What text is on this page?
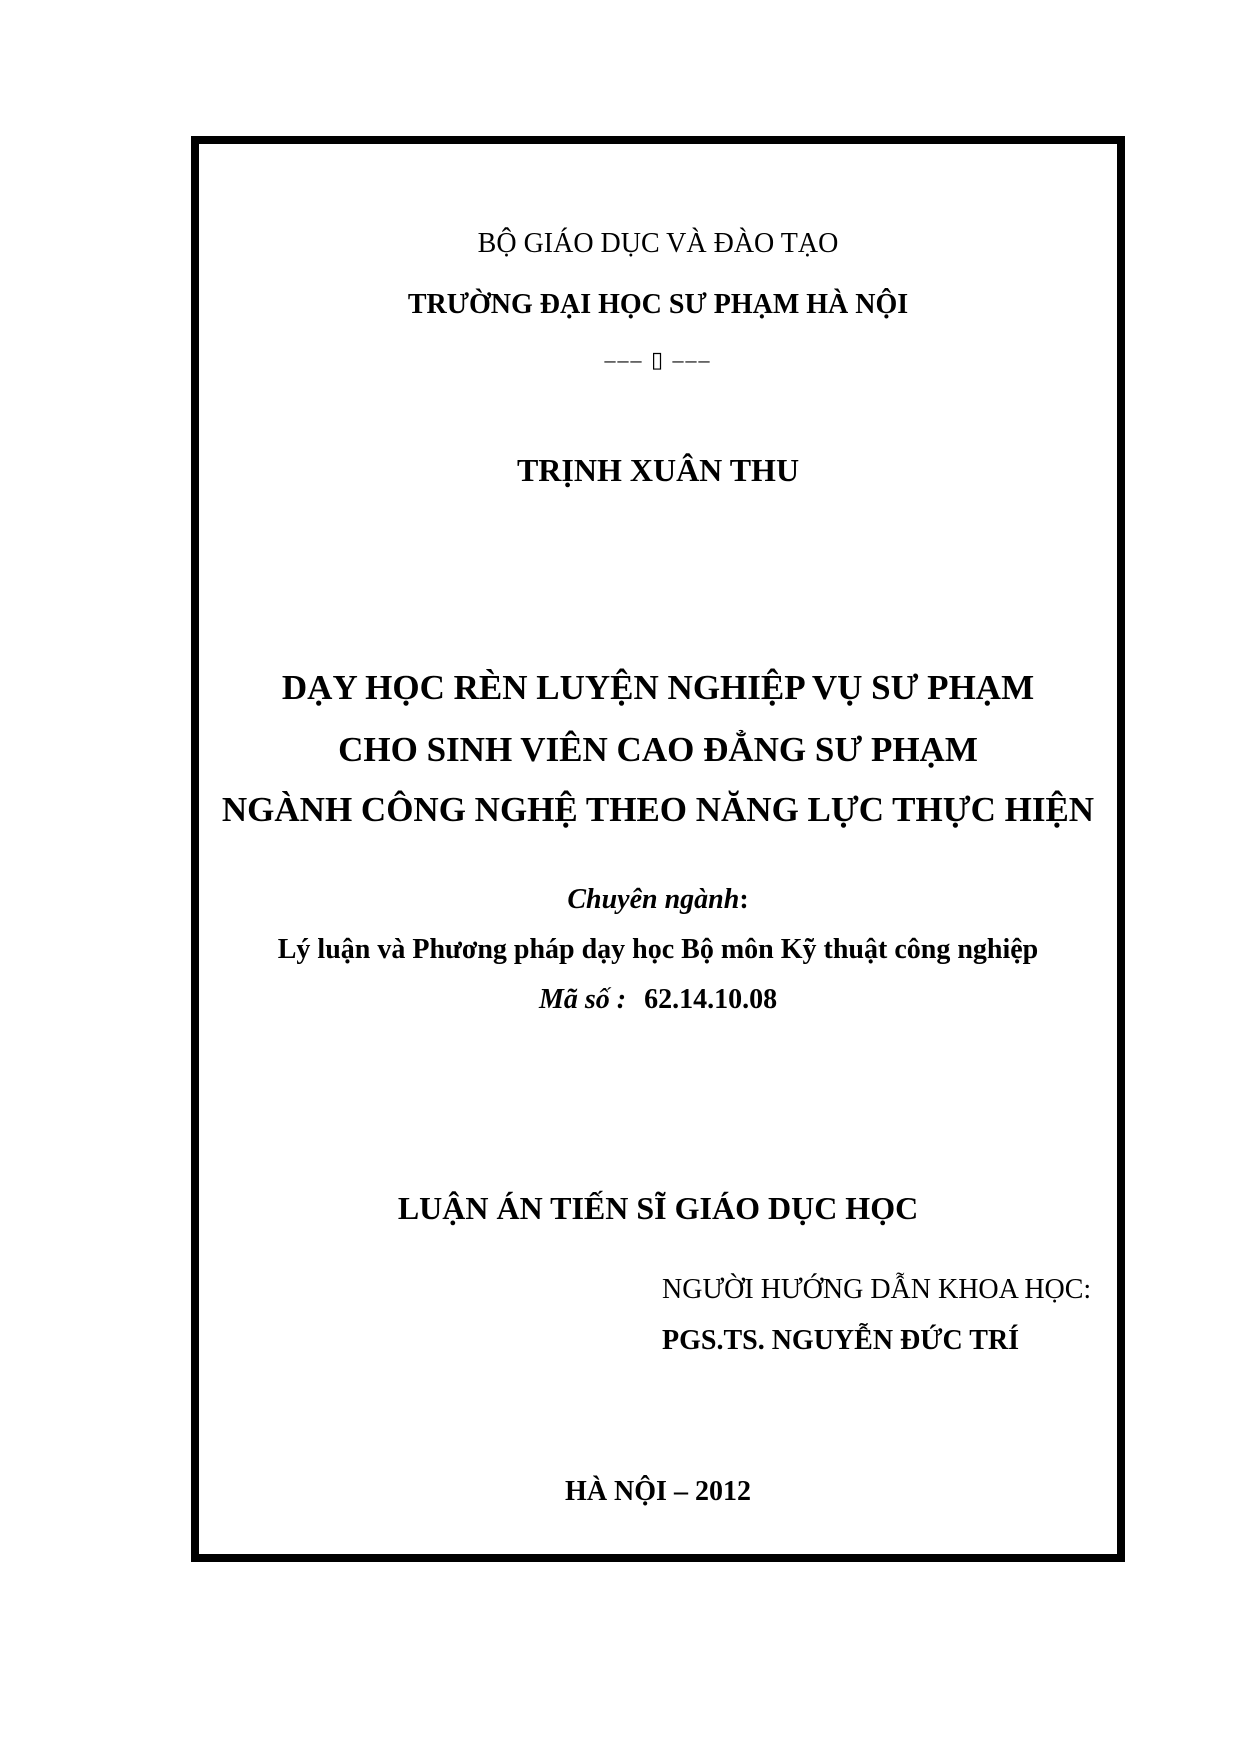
BỘ GIÁO DỤC VÀ ĐÀO TẠO
TRƯỜNG ĐẠI HỌC SƯ PHẠM HÀ NỘI
––– ▯ –––
TRỊNH XUÂN THU
DẠY HỌC RÈN LUYỆN NGHIỆP VỤ SƯ PHẠM
CHO SINH VIÊN CAO ĐẲNG SƯ PHẠM
NGÀNH CÔNG NGHỆ THEO NĂNG LỰC THỰC HIỆN
Chuyên ngành:
Lý luận và Phương pháp dạy học Bộ môn Kỹ thuật công nghiệp
Mã số : 62.14.10.08
LUẬN ÁN TIẾN SĨ GIÁO DỤC HỌC
NGƯỜI HƯỚNG DẪN KHOA HỌC:
PGS.TS. NGUYỄN ĐỨC TRÍ
HÀ NỘI – 2012
